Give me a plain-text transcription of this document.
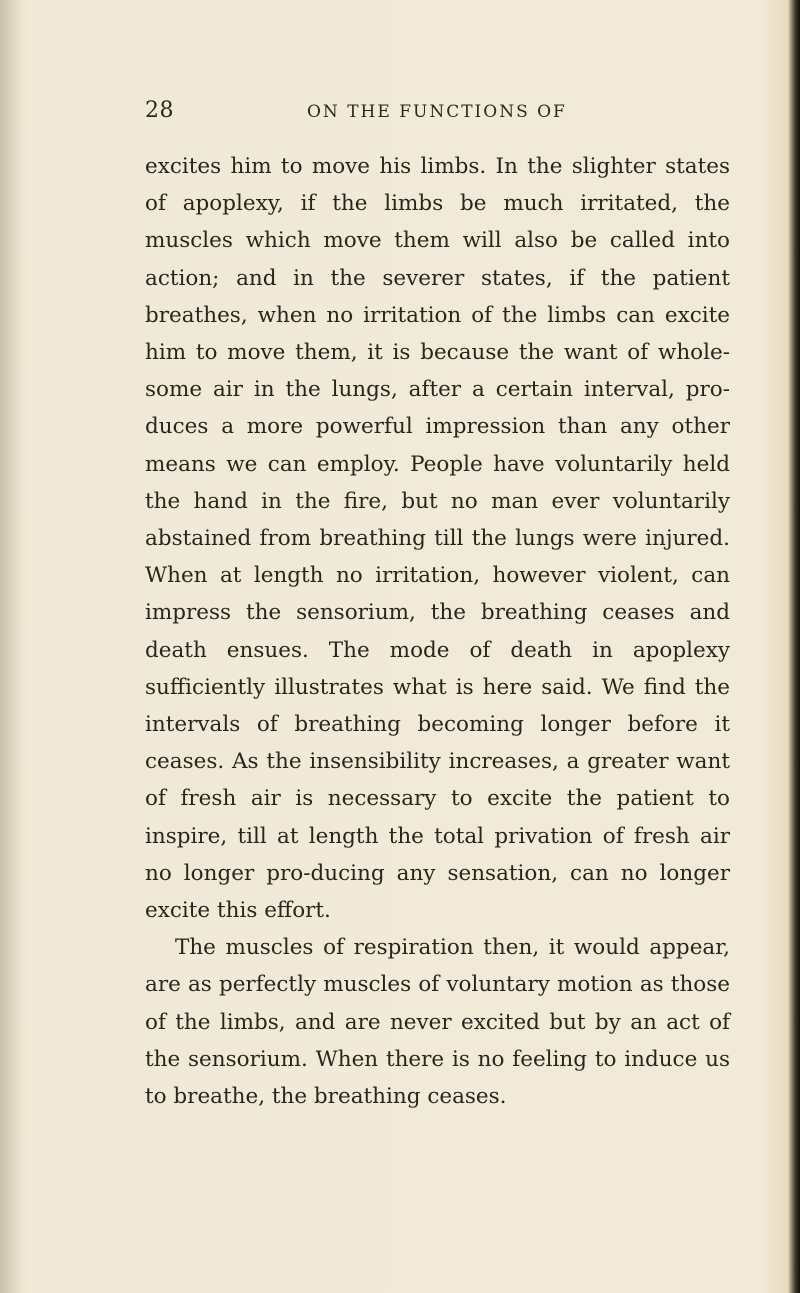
28	ON THE FUNCTIONS OF

excites him to move his limbs. In the slighter states of apoplexy, if the limbs be much irritated, the muscles which move them will also be called into action; and in the severer states, if the patient breathes, when no irritation of the limbs can excite him to move them, it is because the want of whole-some air in the lungs, after a certain interval, pro-duces a more powerful impression than any other means we can employ. People have voluntarily held the hand in the fire, but no man ever voluntarily abstained from breathing till the lungs were injured. When at length no irritation, however violent, can impress the sensorium, the breathing ceases and death ensues. The mode of death in apoplexy sufficiently illustrates what is here said. We find the intervals of breathing becoming longer before it ceases. As the insensibility increases, a greater want of fresh air is necessary to excite the patient to inspire, till at length the total privation of fresh air no longer pro-ducing any sensation, can no longer excite this effort.

The muscles of respiration then, it would appear, are as perfectly muscles of voluntary motion as those of the limbs, and are never excited but by an act of the sensorium. When there is no feeling to induce us to breathe, the breathing ceases.
